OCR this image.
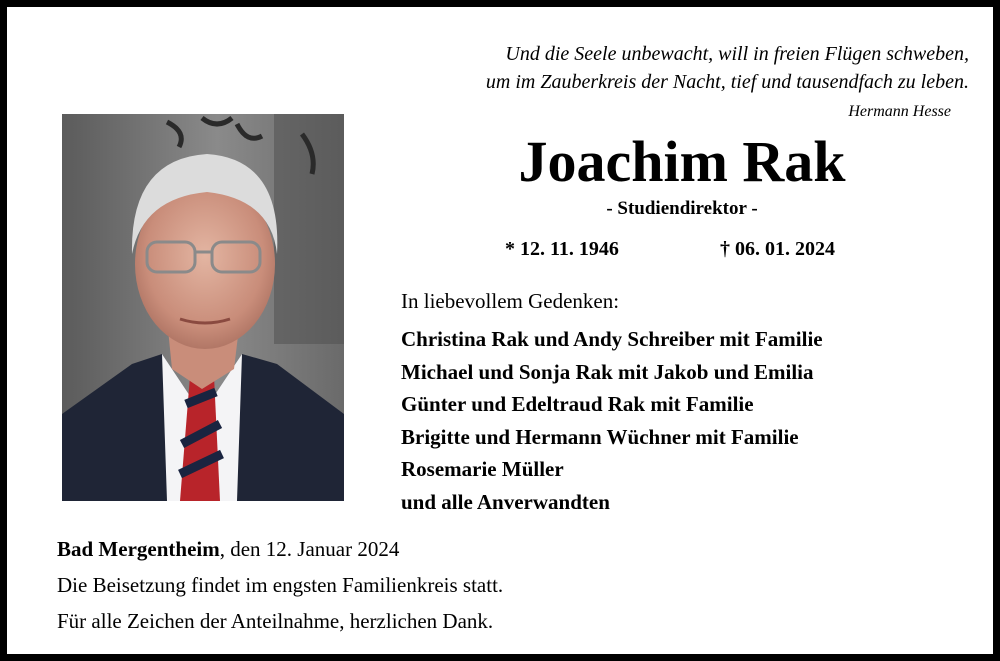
Und die Seele unbewacht, will in freien Flügen schweben,
um im Zauberkreis der Nacht, tief und tausendfach zu leben.
Hermann Hesse
Joachim Rak
- Studiendirektor -
* 12. 11. 1946	† 06. 01. 2024
In liebevollem Gedenken:
Christina Rak und Andy Schreiber mit Familie
Michael und Sonja Rak mit Jakob und Emilia
Günter und Edeltraud Rak mit Familie
Brigitte und Hermann Wüchner mit Familie
Rosemarie Müller
und alle Anverwandten
Bad Mergentheim, den 12. Januar 2024
Die Beisetzung findet im engsten Familienkreis statt.
Für alle Zeichen der Anteilnahme, herzlichen Dank.
